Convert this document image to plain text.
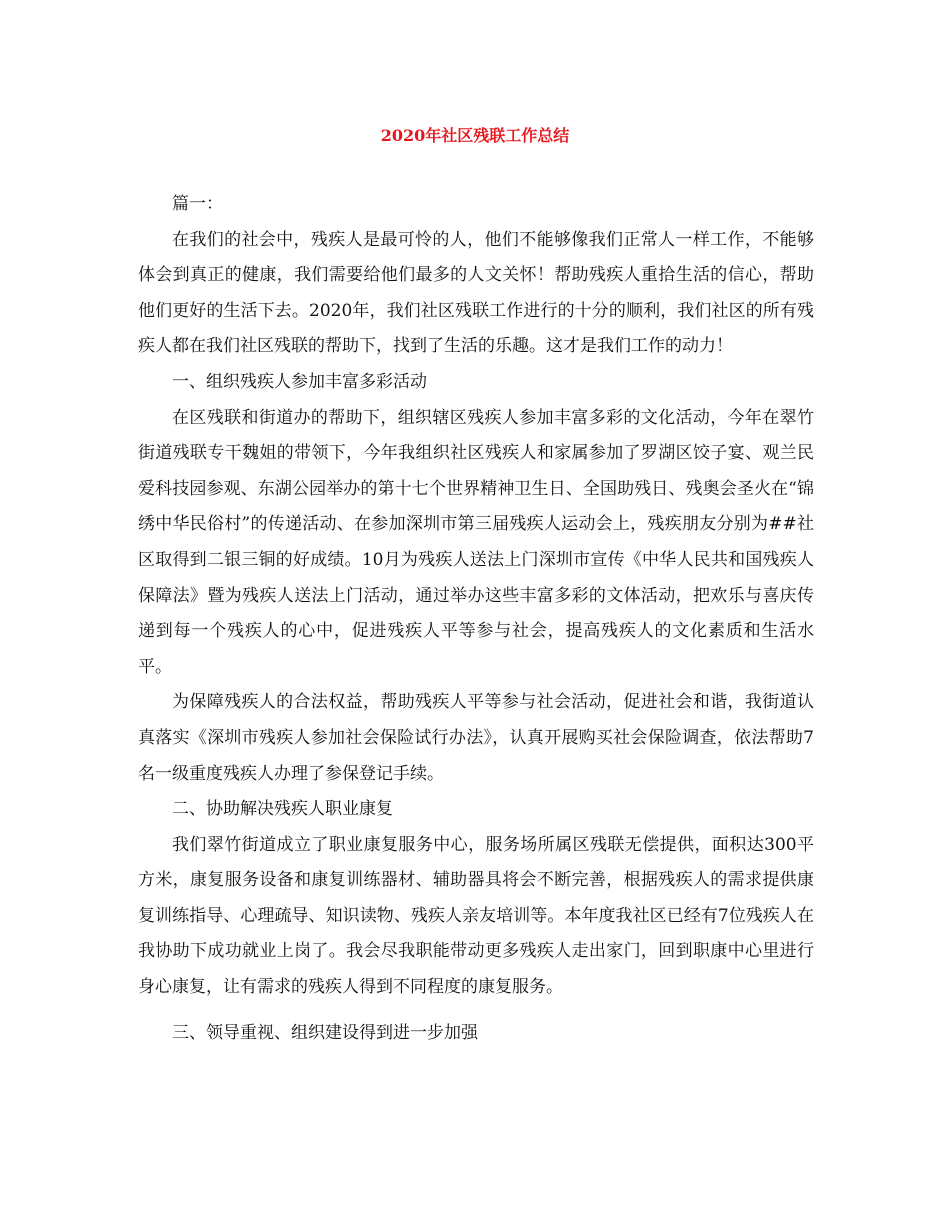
2020年社区残联工作总结

篇一：

在我们的社会中，残疾人是最可怜的人，他们不能够像我们正常人一样工作，不能够体会到真正的健康，我们需要给他们最多的人文关怀！帮助残疾人重拾生活的信心，帮助他们更好的生活下去。2020年，我们社区残联工作进行的十分的顺利，我们社区的所有残疾人都在我们社区残联的帮助下，找到了生活的乐趣。这才是我们工作的动力！

一、组织残疾人参加丰富多彩活动

在区残联和街道办的帮助下，组织辖区残疾人参加丰富多彩的文化活动，今年在翠竹街道残联专干魏姐的带领下，今年我组织社区残疾人和家属参加了罗湖区饺子宴、观兰民爱科技园参观、东湖公园举办的第十七个世界精神卫生日、全国助残日、残奥会圣火在“锦绣中华民俗村”的传递活动、在参加深圳市第三届残疾人运动会上，残疾朋友分别为##社区取得到二银三铜的好成绩。10月为残疾人送法上门深圳市宣传《中华人民共和国残疾人保障法》暨为残疾人送法上门活动，通过举办这些丰富多彩的文体活动，把欢乐与喜庆传递到每一个残疾人的心中，促进残疾人平等参与社会，提高残疾人的文化素质和生活水平。

为保障残疾人的合法权益，帮助残疾人平等参与社会活动，促进社会和谐，我街道认真落实《深圳市残疾人参加社会保险试行办法》，认真开展购买社会保险调查，依法帮助7名一级重度残疾人办理了参保登记手续。

二、协助解决残疾人职业康复

我们翠竹街道成立了职业康复服务中心，服务场所属区残联无偿提供，面积达300平方米，康复服务设备和康复训练器材、辅助器具将会不断完善，根据残疾人的需求提供康复训练指导、心理疏导、知识读物、残疾人亲友培训等。本年度我社区已经有7位残疾人在我协助下成功就业上岗了。我会尽我职能带动更多残疾人走出家门，回到职康中心里进行身心康复，让有需求的残疾人得到不同程度的康复服务。

三、领导重视、组织建设得到进一步加强
